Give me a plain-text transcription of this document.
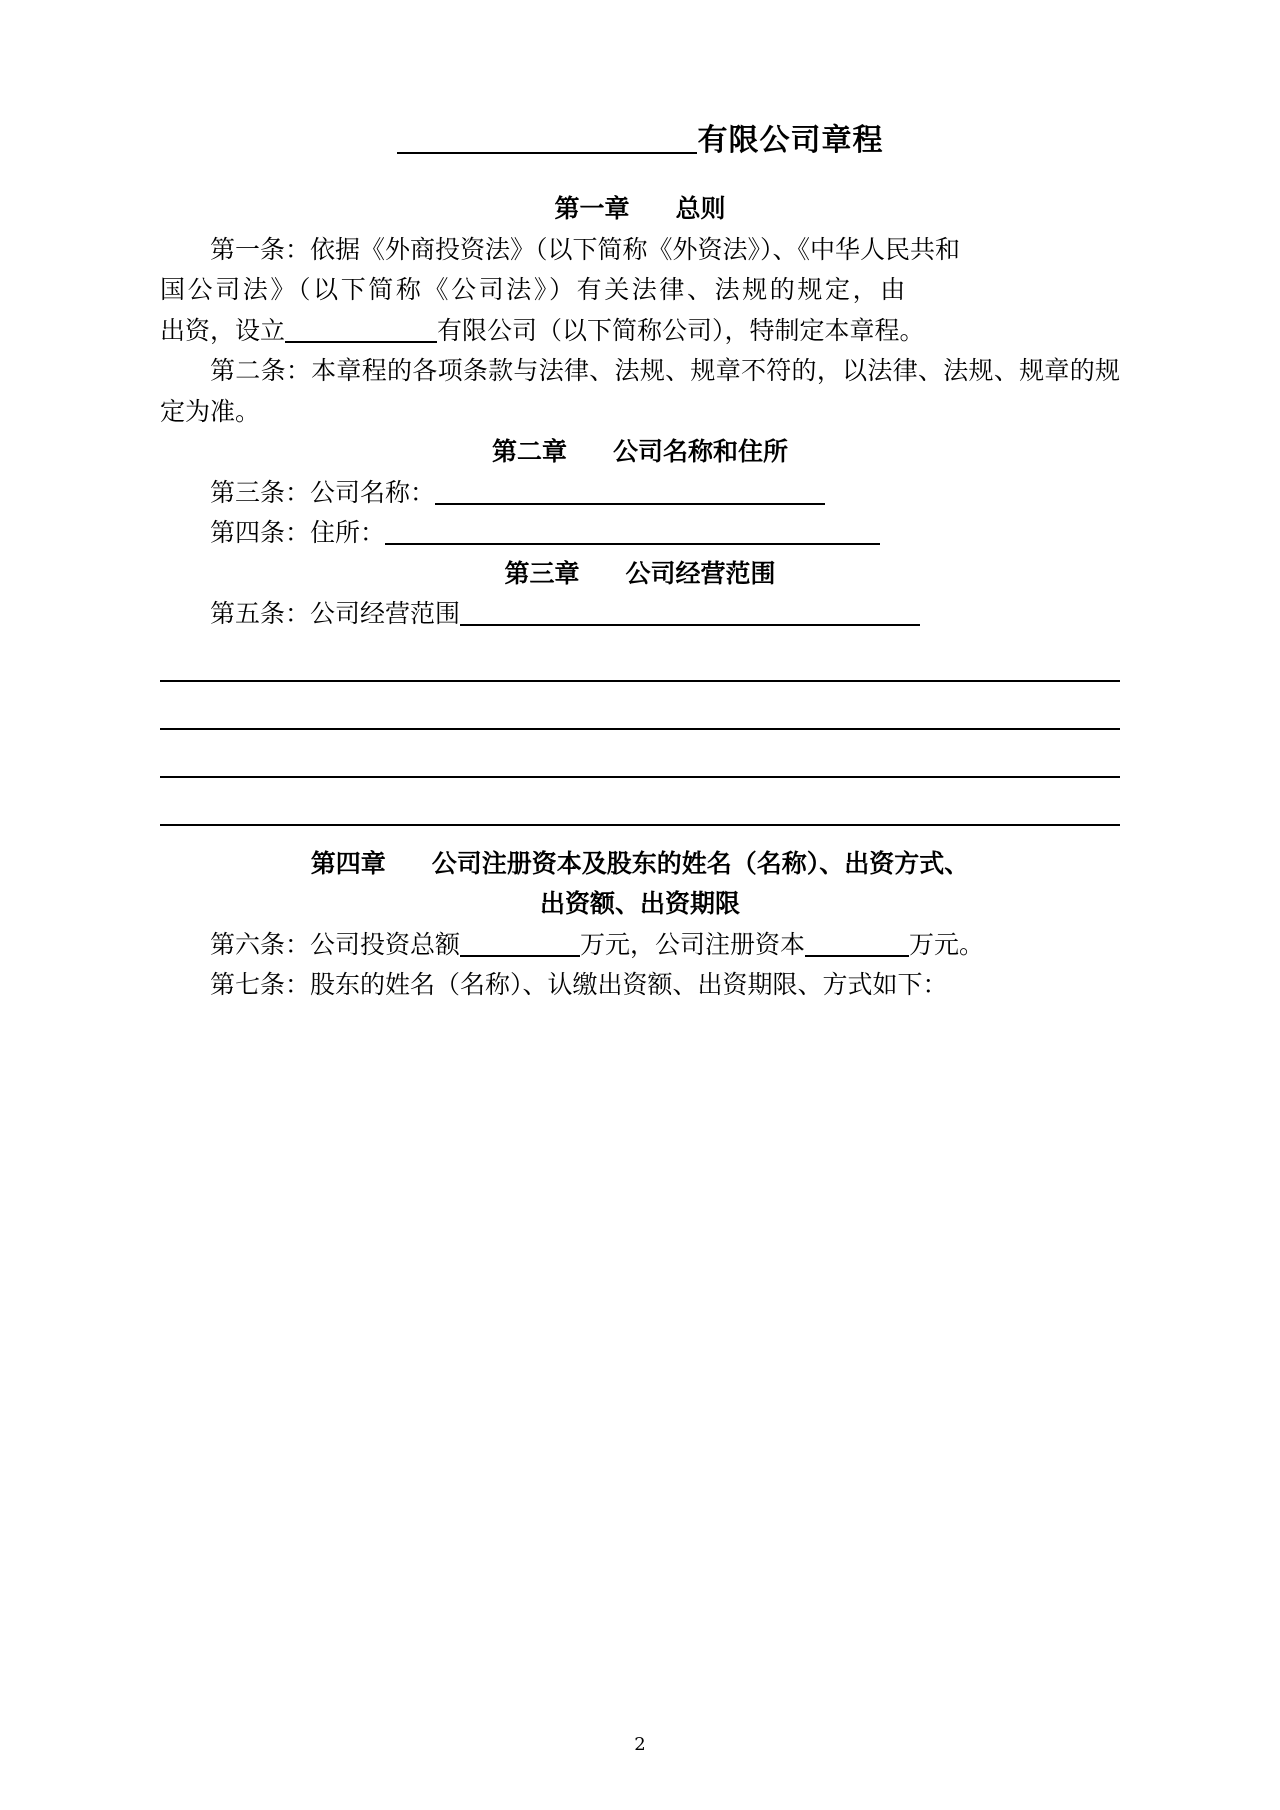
有限公司章程

第一章 总则

第一条：依据《外商投资法》（以下简称《外资法》）、《中华人民共和

国公司法》（以下简称《公司法》）有关法律、法规的规定，由

出资，设立	有限公司（以下简称公司），特制定本章程。

第二条：本章程的各项条款与法律、法规、规章不符的，以法律、法规、规章的规定为准。

第二章 公司名称和住所

第三条：公司名称：

第四条：住所：

第三章 公司经营范围

第五条：公司经营范围

第四章 公司注册资本及股东的姓名（名称）、出资方式、
出资额、出资期限

第六条：公司投资总额	万元，公司注册资本	万元。

第七条：股东的姓名（名称）、认缴出资额、出资期限、方式如下：

2
